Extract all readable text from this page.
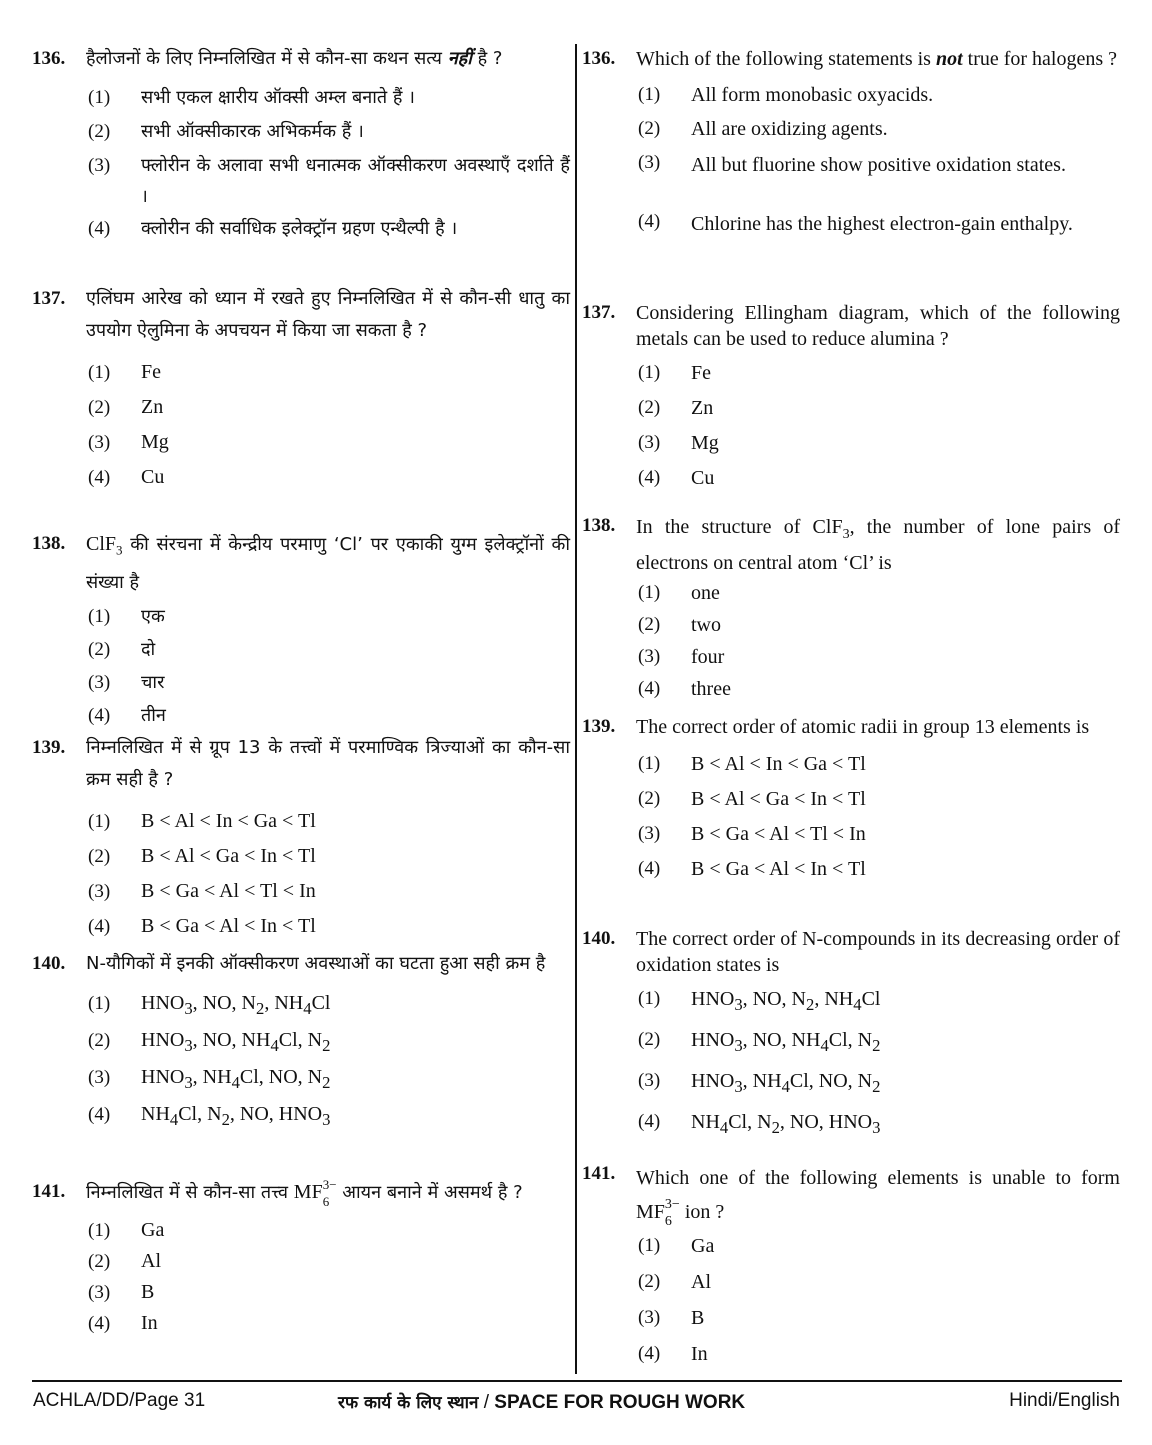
136.	हैलोजनों के लिए निम्नलिखित में से कौन-सा कथन सत्य नहीं है ?
(1)	सभी एकल क्षारीय ऑक्सी अम्ल बनाते हैं ।
(2)	सभी ऑक्सीकारक अभिकर्मक हैं ।
(3)	फ्लोरीन के अलावा सभी धनात्मक ऑक्सीकरण अवस्थाएँ दर्शाते हैं ।
(4)	क्लोरीन की सर्वाधिक इलेक्ट्रॉन ग्रहण एन्थैल्पी है ।
137.	एलिंघम आरेख को ध्यान में रखते हुए निम्नलिखित में से कौन-सी धातु का उपयोग ऐलुमिना के अपचयन में किया जा सकता है ?
(1)	Fe
(2)	Zn
(3)	Mg
(4)	Cu
138.	ClF$_3$ की संरचना में केन्द्रीय परमाणु ‘Cl’ पर एकाकी युग्म इलेक्ट्रॉनों की संख्या है
(1)	एक
(2)	दो
(3)	चार
(4)	तीन
139.	निम्नलिखित में से ग्रूप 13 के तत्त्वों में परमाण्विक त्रिज्याओं का कौन-सा क्रम सही है ?
(1)	B < Al < In < Ga < Tl
(2)	B < Al < Ga < In < Tl
(3)	B < Ga < Al < Tl < In
(4)	B < Ga < Al < In < Tl
140.	N-यौगिकों में इनकी ऑक्सीकरण अवस्थाओं का घटता हुआ सही क्रम है
(1)	$HNO_3$, NO, $N_2$, $NH_4Cl$
(2)	$HNO_3$, NO, $NH_4Cl$, $N_2$
(3)	$HNO_3$, $NH_4Cl$, NO, $N_2$
(4)	$NH_4Cl$, $N_2$, NO, $HNO_3$
141.	निम्नलिखित में से कौन-सा तत्त्व MF 3−
6 आयन बनाने में असमर्थ है ?
(1)	Ga
(2)	Al
(3)	B
(4)	In
136.	Which of the following statements is not true for halogens ?
(1)	All form monobasic oxyacids.
(2)	All are oxidizing agents.
(3)	All but fluorine show positive oxidation states.
(4)	Chlorine has the highest electron-gain enthalpy.
137.	Considering Ellingham diagram, which of the following metals can be used to reduce alumina ?
(1)	Fe
(2)	Zn
(3)	Mg
(4)	Cu
138.	In the structure of ClF$_3$, the number of lone pairs of electrons on central atom ‘Cl’ is
(1)	one
(2)	two
(3)	four
(4)	three
139.	The correct order of atomic radii in group 13 elements is
(1)	B < Al < In < Ga < Tl
(2)	B < Al < Ga < In < Tl
(3)	B < Ga < Al < Tl < In
(4)	B < Ga < Al < In < Tl
140.	The correct order of N-compounds in its decreasing order of oxidation states is
(1)	$HNO_3$, NO, $N_2$, $NH_4Cl$
(2)	$HNO_3$, NO, $NH_4Cl$, $N_2$
(3)	$HNO_3$, $NH_4Cl$, NO, $N_2$
(4)	$NH_4Cl$, $N_2$, NO, $HNO_3$
141.	Which one of the following elements is unable to form MF 3−
6 ion ?
(1)	Ga
(2)	Al
(3)	B
(4)	In
ACHLA/DD/Page 31	रफ कार्य के लिए स्थान / SPACE FOR ROUGH WORK	Hindi/English
